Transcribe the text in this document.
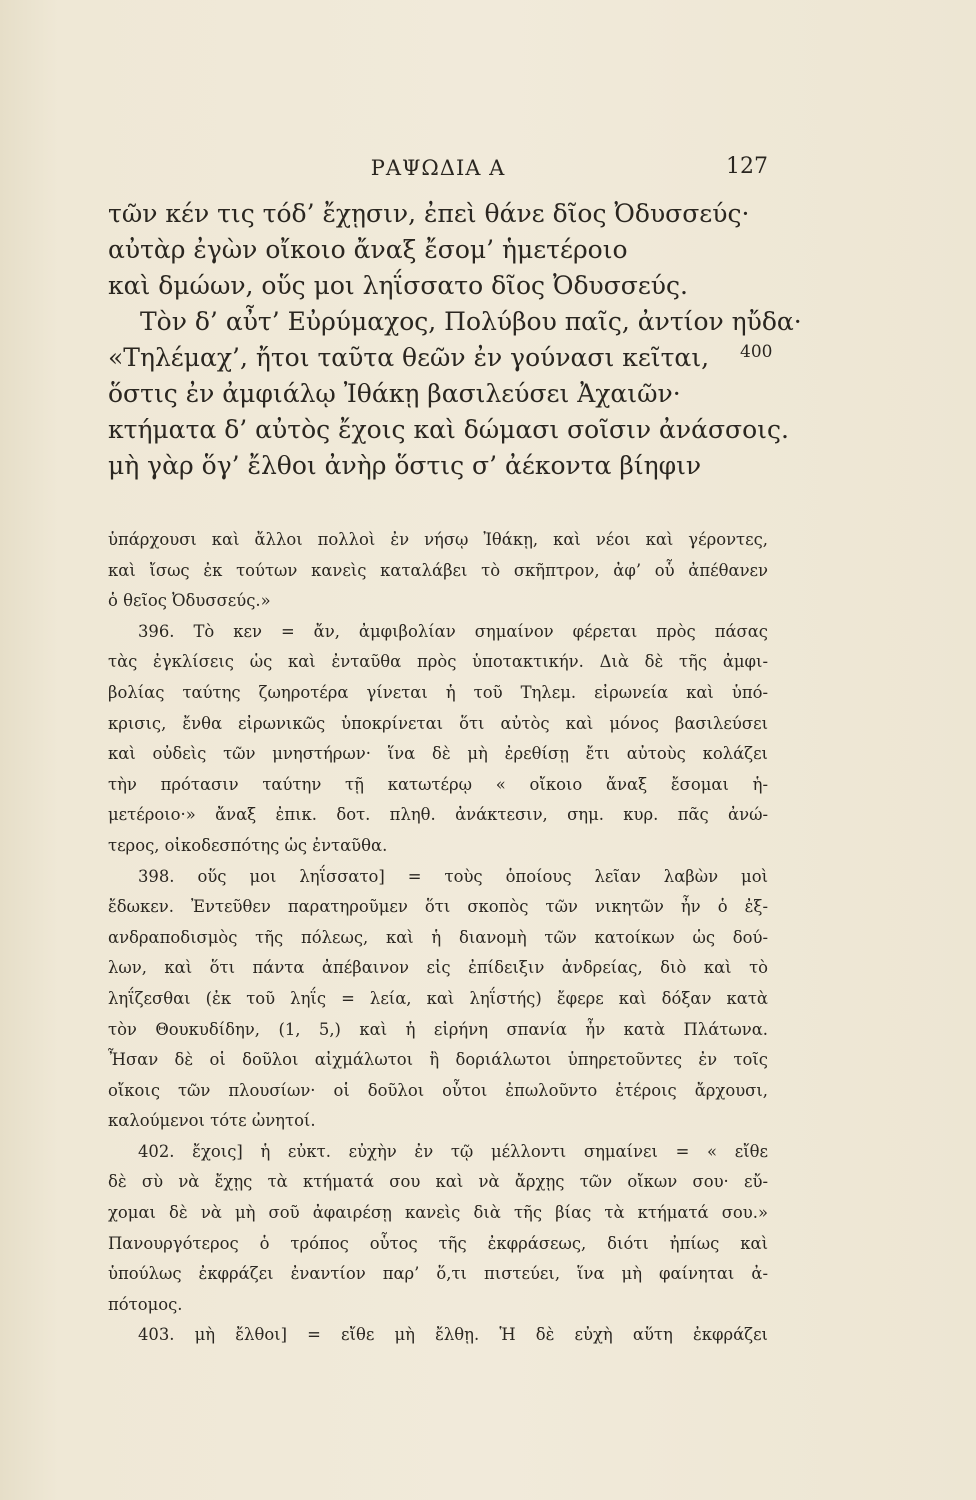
ΡΑΨΩΔΙΑ Α	127
τῶν κέν τις τόδ’ ἔχῃσιν, ἐπεὶ θάνε δῖος Ὀδυσσεύς·
αὐτὰρ ἐγὼν οἴκοιο ἄναξ ἔσομ’ ἡμετέροιο
καὶ δμώων, οὕς μοι ληΐσσατο δῖος Ὀδυσσεύς.
Τὸν δ’ αὖτ’ Εὐρύμαχος, Πολύβου παῖς, ἀντίον ηὔδα·
«Τηλέμαχ’, ἤτοι ταῦτα θεῶν ἐν γούνασι κεῖται,
ὅστις ἐν ἀμφιάλῳ Ἰθάκῃ βασιλεύσει Ἀχαιῶν·
κτήματα δ’ αὐτὸς ἔχοις καὶ δώμασι σοῖσιν ἀνάσσοις.
μὴ γὰρ ὅγ’ ἔλθοι ἀνὴρ ὅστις σ’ ἀέκοντα βίηφιν
400
ὑπάρχουσι καὶ ἄλλοι πολλοὶ ἐν νήσῳ Ἰθάκῃ, καὶ νέοι καὶ γέροντες,
καὶ ἴσως ἐκ τούτων κανεὶς καταλάβει τὸ σκῆπτρον, ἀφ’ οὗ ἀπέθανεν
ὁ θεῖος Ὀδυσσεύς.»
396. Τὸ κεν = ἄν, ἀμφιβολίαν σημαίνον φέρεται πρὸς πάσας
τὰς ἐγκλίσεις ὡς καὶ ἐνταῦθα πρὸς ὑποτακτικήν. Διὰ δὲ τῆς ἀμφι-
βολίας ταύτης ζωηροτέρα γίνεται ἡ τοῦ Τηλεμ. εἰρωνεία καὶ ὑπό-
κρισις, ἔνθα εἰρωνικῶς ὑποκρίνεται ὅτι αὐτὸς καὶ μόνος βασιλεύσει
καὶ οὐδεὶς τῶν μνηστήρων· ἵνα δὲ μὴ ἐρεθίσῃ ἔτι αὐτοὺς κολάζει
τὴν πρότασιν ταύτην τῇ κατωτέρῳ « οἴκοιο ἄναξ ἔσομαι ἡ-
μετέροιο·» ἄναξ ἐπικ. δοτ. πληθ. ἀνάκτεσιν, σημ. κυρ. πᾶς ἀνώ-
τερος, οἰκοδεσπότης ὡς ἐνταῦθα.
398. οὕς μοι ληΐσσατο] = τοὺς ὁποίους λεῖαν λαβὼν μοὶ
ἔδωκεν. Ἐντεῦθεν παρατηροῦμεν ὅτι σκοπὸς τῶν νικητῶν ἦν ὁ ἐξ-
ανδραποδισμὸς τῆς πόλεως, καὶ ἡ διανομὴ τῶν κατοίκων ὡς δού-
λων, καὶ ὅτι πάντα ἀπέβαινον εἰς ἐπίδειξιν ἀνδρείας, διὸ καὶ τὸ
ληΐζεσθαι (ἐκ τοῦ ληΐς = λεία, καὶ ληΐστής) ἔφερε καὶ δόξαν κατὰ
τὸν Θουκυδίδην, (1, 5,) καὶ ἡ εἰρήνη σπανία ἦν κατὰ Πλάτωνα.
Ἦσαν δὲ οἱ δοῦλοι αἰχμάλωτοι ἢ δοριάλωτοι ὑπηρετοῦντες ἐν τοῖς
οἴκοις τῶν πλουσίων· οἱ δοῦλοι οὗτοι ἐπωλοῦντο ἑτέροις ἄρχουσι,
καλούμενοι τότε ὠνητοί.
402. ἔχοις] ἡ εὐκτ. εὐχὴν ἐν τῷ μέλλοντι σημαίνει = « εἴθε
δὲ σὺ νὰ ἔχῃς τὰ κτήματά σου καὶ νὰ ἄρχῃς τῶν οἴκων σου· εὔ-
χομαι δὲ νὰ μὴ σοῦ ἀφαιρέσῃ κανεὶς διὰ τῆς βίας τὰ κτήματά σου.»
Πανουργότερος ὁ τρόπος οὗτος τῆς ἐκφράσεως, διότι ἠπίως καὶ
ὑπούλως ἐκφράζει ἐναντίον παρ’ ὅ,τι πιστεύει, ἵνα μὴ φαίνηται ἀ-
πότομος.
403. μὴ ἔλθοι] = εἴθε μὴ ἔλθῃ. Ἡ δὲ εὐχὴ αὕτη ἐκφράζει
